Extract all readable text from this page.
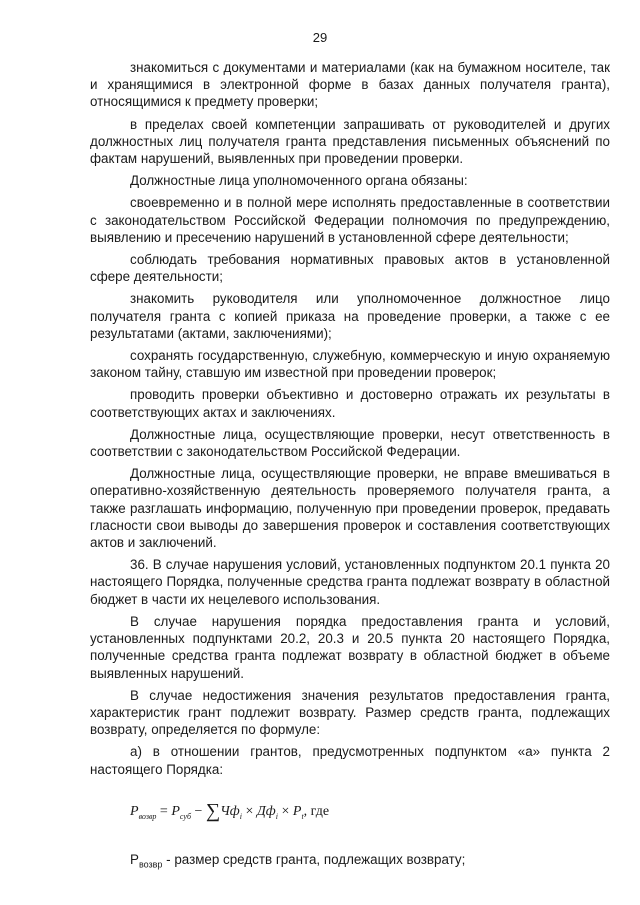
29

знакомиться с документами и материалами (как на бумажном носителе, так и хранящимися в электронной форме в базах данных получателя гранта), относящимися к предмету проверки;

в пределах своей компетенции запрашивать от руководителей и других должностных лиц получателя гранта представления письменных объяснений по фактам нарушений, выявленных при проведении проверки.

Должностные лица уполномоченного органа обязаны:

своевременно и в полной мере исполнять предоставленные в соответствии с законодательством Российской Федерации полномочия по предупреждению, выявлению и пресечению нарушений в установленной сфере деятельности;

соблюдать требования нормативных правовых актов в установленной сфере деятельности;

знакомить руководителя или уполномоченное должностное лицо получателя гранта с копией приказа на проведение проверки, а также с ее результатами (актами, заключениями);

сохранять государственную, служебную, коммерческую и иную охраняемую законом тайну, ставшую им известной при проведении проверок;

проводить проверки объективно и достоверно отражать их результаты в соответствующих актах и заключениях.

Должностные лица, осуществляющие проверки, несут ответственность в соответствии с законодательством Российской Федерации.

Должностные лица, осуществляющие проверки, не вправе вмешиваться в оперативно-хозяйственную деятельность проверяемого получателя гранта, а также разглашать информацию, полученную при проведении проверок, предавать гласности свои выводы до завершения проверок и составления соответствующих актов и заключений.

36. В случае нарушения условий, установленных подпунктом 20.1 пункта 20 настоящего Порядка, полученные средства гранта подлежат возврату в областной бюджет в части их нецелевого использования.

В случае нарушения порядка предоставления гранта и условий, установленных подпунктами 20.2, 20.3 и 20.5 пункта 20 настоящего Порядка, полученные средства гранта подлежат возврату в областной бюджет в объеме выявленных нарушений.

В случае недостижения значения результатов предоставления гранта, характеристик грант подлежит возврату. Размер средств гранта, подлежащих возврату, определяется по формуле:

а) в отношении грантов, предусмотренных подпунктом «а» пункта 2 настоящего Порядка:

$P_{возвр} = P_{суб} - \sum Чф_i \times Дф_i \times P_t$, где
$P_{возвр}$ - размер средств гранта, подлежащих возврату;
